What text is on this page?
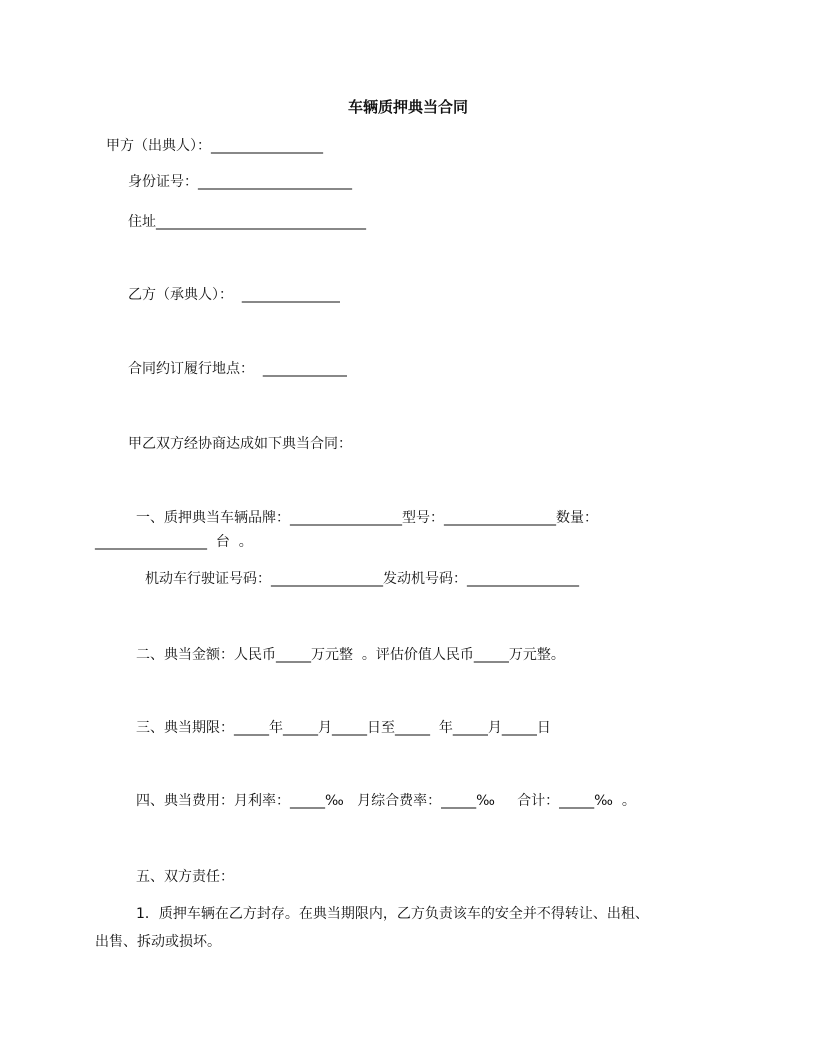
车辆质押典当合同
甲方（出典人）：________________
身份证号：______________________
住址______________________________
乙方（承典人）：  ______________
合同约订履行地点：  ____________
甲乙双方经协商达成如下典当合同：
一、质押典当车辆品牌：________________型号：________________数量：
________________  台  。
机动车行驶证号码：________________发动机号码：________________
二、典当金额：人民币_____万元整  。评估价值人民币_____万元整。
三、典当期限：_____年_____月_____日至_____  年_____月_____日
四、典当费用：月利率：_____‰   月综合费率：_____‰     合计：_____‰  。
五、双方责任：
1．质押车辆在乙方封存。在典当期限内，乙方负责该车的安全并不得转让、出租、
出售、拆动或损坏。
